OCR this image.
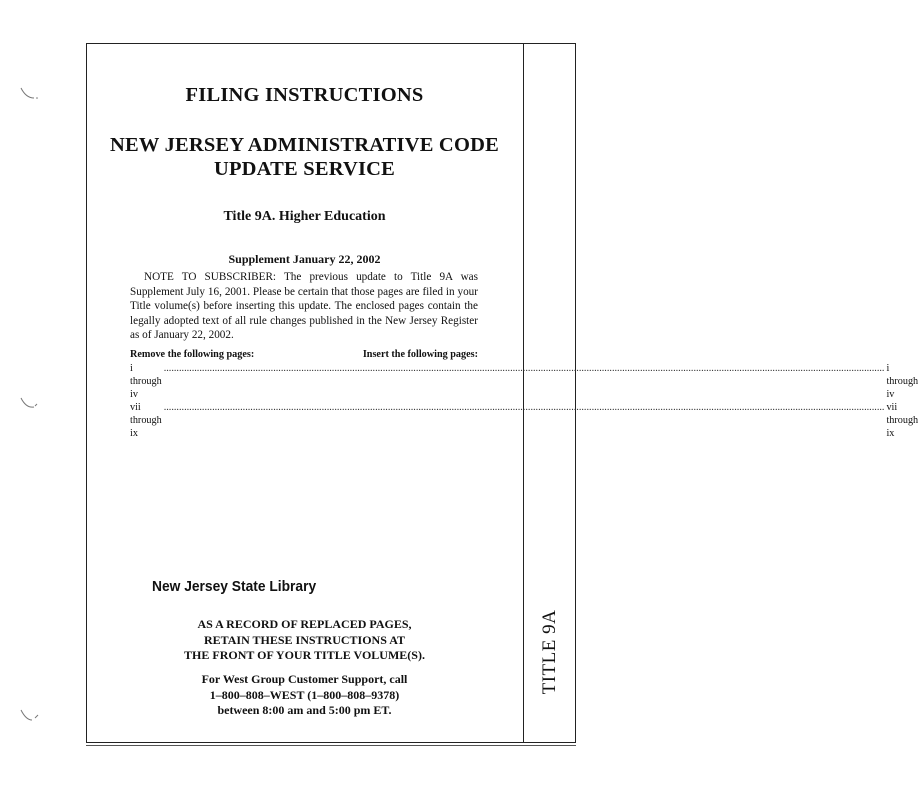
TITLE 9A
FILING INSTRUCTIONS
NEW JERSEY ADMINISTRATIVE CODE
UPDATE SERVICE
Title 9A. Higher Education
Supplement January 22, 2002
NOTE TO SUBSCRIBER: The previous update to Title 9A was Supplement July 16, 2001. Please be certain that those pages are filed in your Title volume(s) before inserting this update. The enclosed pages contain the legally adopted text of all rule changes published in the New Jersey Register as of January 22, 2002.
Remove the following pages:	Insert the following pages:
i through iv
........................................................................................................................................................................................................................................................................................... i through iv
vii through ix
........................................................................................................................................................................................................................................................................................... vii through ix
New Jersey State Library
AS A RECORD OF REPLACED PAGES,
RETAIN THESE INSTRUCTIONS AT
THE FRONT OF YOUR TITLE VOLUME(S).
For West Group Customer Support, call
1–800–808–WEST (1–800–808–9378)
between 8:00 am and 5:00 pm ET.
